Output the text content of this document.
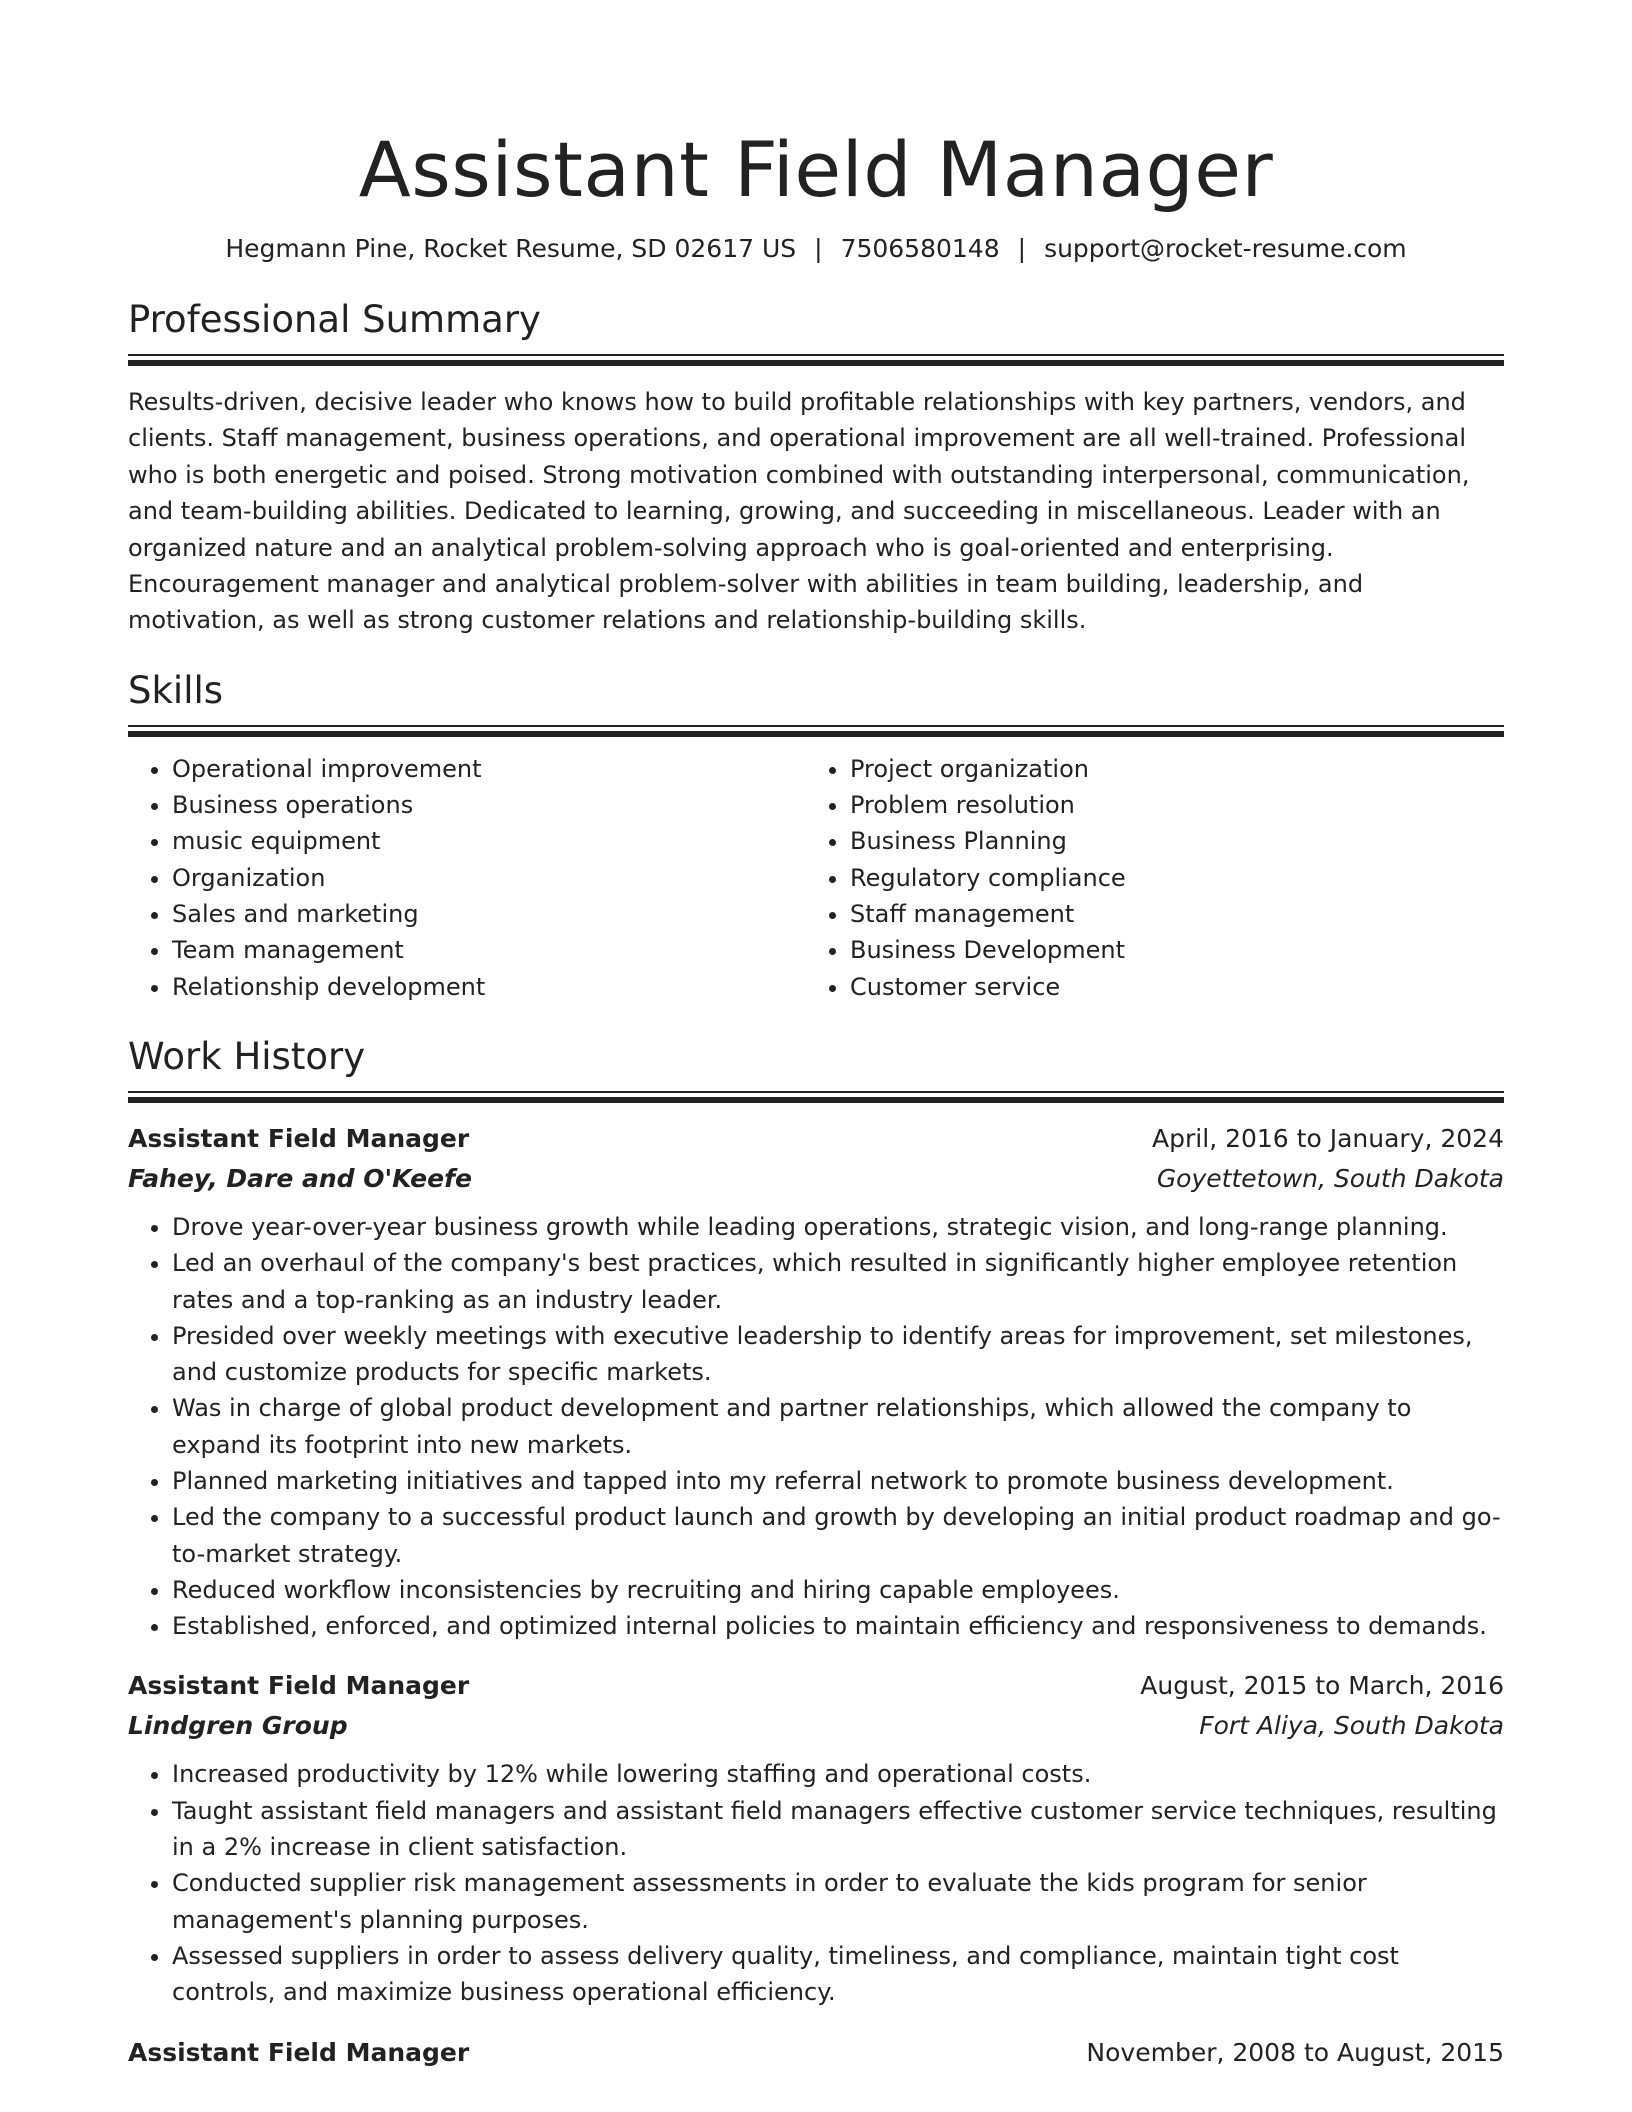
Assistant Field Manager
Hegmann Pine, Rocket Resume, SD 02617 US | 7506580148 | support@rocket-resume.com
Professional Summary

Results-driven, decisive leader who knows how to build profitable relationships with key partners, vendors, and clients. Staff management, business operations, and operational improvement are all well-trained. Professional who is both energetic and poised. Strong motivation combined with outstanding interpersonal, communication, and team-building abilities. Dedicated to learning, growing, and succeeding in miscellaneous. Leader with an organized nature and an analytical problem-solving approach who is goal-oriented and enterprising. Encouragement manager and analytical problem-solver with abilities in team building, leadership, and motivation, as well as strong customer relations and relationship-building skills.

Skills
• Operational improvement
• Business operations
• music equipment
• Organization
• Sales and marketing
• Team management
• Relationship development
• Project organization
• Problem resolution
• Business Planning
• Regulatory compliance
• Staff management
• Business Development
• Customer service
Work History
Assistant Field Manager	April, 2016 to January, 2024
Fahey, Dare and O'Keefe	Goyettetown, South Dakota
• Drove year-over-year business growth while leading operations, strategic vision, and long-range planning.
• Led an overhaul of the company's best practices, which resulted in significantly higher employee retention rates and a top-ranking as an industry leader.
• Presided over weekly meetings with executive leadership to identify areas for improvement, set milestones, and customize products for specific markets.
• Was in charge of global product development and partner relationships, which allowed the company to expand its footprint into new markets.
• Planned marketing initiatives and tapped into my referral network to promote business development.
• Led the company to a successful product launch and growth by developing an initial product roadmap and go-to-market strategy.
• Reduced workflow inconsistencies by recruiting and hiring capable employees.
• Established, enforced, and optimized internal policies to maintain efficiency and responsiveness to demands.
Assistant Field Manager	August, 2015 to March, 2016
Lindgren Group	Fort Aliya, South Dakota
• Increased productivity by 12% while lowering staffing and operational costs.
• Taught assistant field managers and assistant field managers effective customer service techniques, resulting in a 2% increase in client satisfaction.
• Conducted supplier risk management assessments in order to evaluate the kids program for senior management's planning purposes.
• Assessed suppliers in order to assess delivery quality, timeliness, and compliance, maintain tight cost controls, and maximize business operational efficiency.
Assistant Field Manager	November, 2008 to August, 2015
